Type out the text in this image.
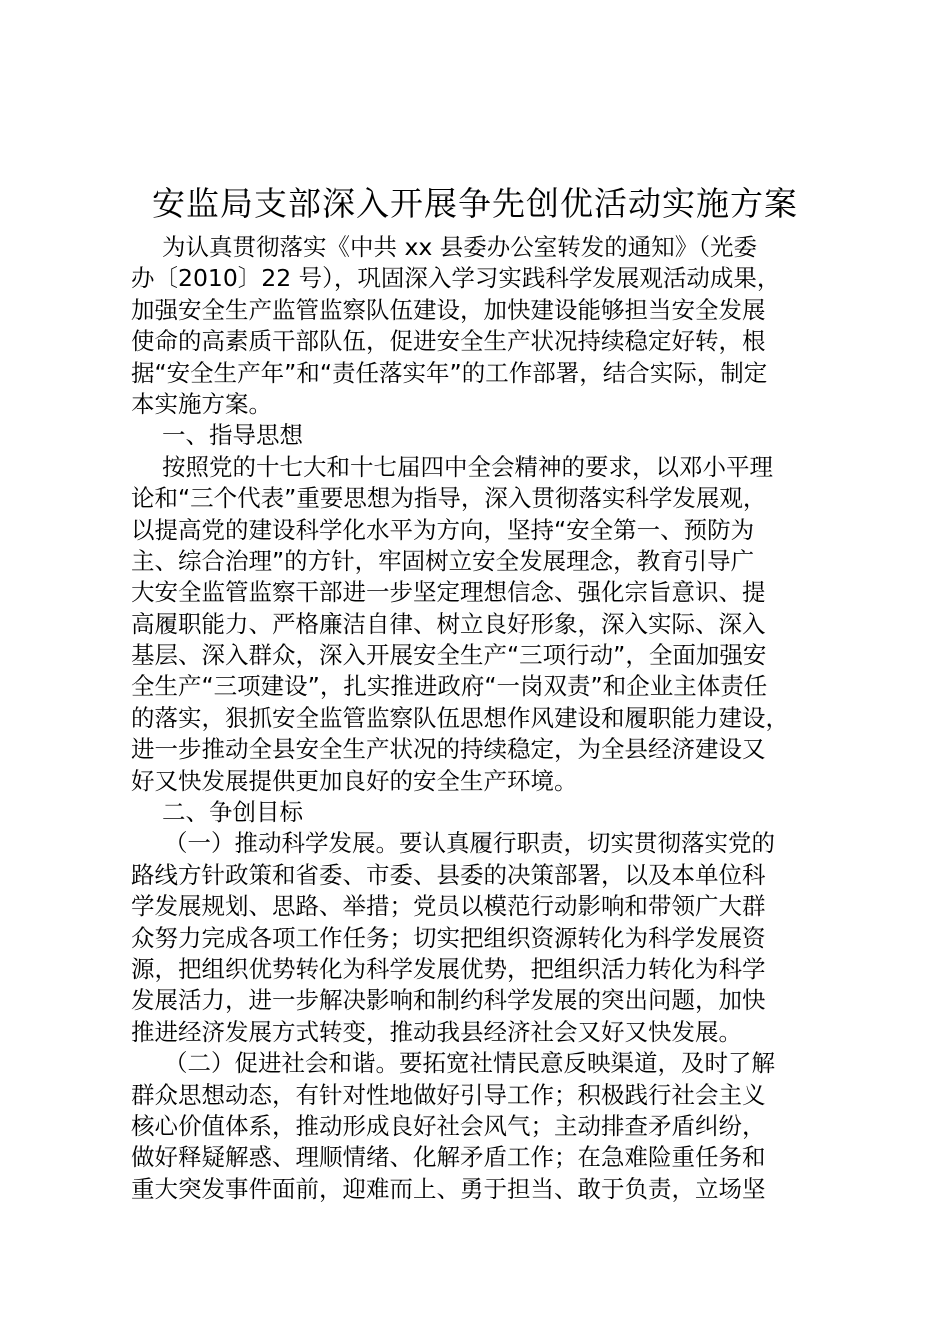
安监局支部深入开展争先创优活动实施方案
为认真贯彻落实《中共 xx 县委办公室转发的通知》（光委
办〔2010〕22 号），巩固深入学习实践科学发展观活动成果，
加强安全生产监管监察队伍建设，加快建设能够担当安全发展
使命的高素质干部队伍，促进安全生产状况持续稳定好转，根
据“安全生产年”和“责任落实年”的工作部署，结合实际，制定
本实施方案。
一、指导思想
按照党的十七大和十七届四中全会精神的要求，以邓小平理
论和“三个代表”重要思想为指导，深入贯彻落实科学发展观，
以提高党的建设科学化水平为方向，坚持“安全第一、预防为
主、综合治理”的方针，牢固树立安全发展理念，教育引导广
大安全监管监察干部进一步坚定理想信念、强化宗旨意识、提
高履职能力、严格廉洁自律、树立良好形象，深入实际、深入
基层、深入群众，深入开展安全生产“三项行动”，全面加强安
全生产“三项建设”，扎实推进政府“一岗双责”和企业主体责任
的落实，狠抓安全监管监察队伍思想作风建设和履职能力建设，
进一步推动全县安全生产状况的持续稳定，为全县经济建设又
好又快发展提供更加良好的安全生产环境。
二、争创目标
（一）推动科学发展。要认真履行职责，切实贯彻落实党的
路线方针政策和省委、市委、县委的决策部署，以及本单位科
学发展规划、思路、举措；党员以模范行动影响和带领广大群
众努力完成各项工作任务；切实把组织资源转化为科学发展资
源，把组织优势转化为科学发展优势，把组织活力转化为科学
发展活力，进一步解决影响和制约科学发展的突出问题，加快
推进经济发展方式转变，推动我县经济社会又好又快发展。
（二）促进社会和谐。要拓宽社情民意反映渠道，及时了解
群众思想动态，有针对性地做好引导工作；积极践行社会主义
核心价值体系，推动形成良好社会风气；主动排查矛盾纠纷，
做好释疑解惑、理顺情绪、化解矛盾工作；在急难险重任务和
重大突发事件面前，迎难而上、勇于担当、敢于负责，立场坚
